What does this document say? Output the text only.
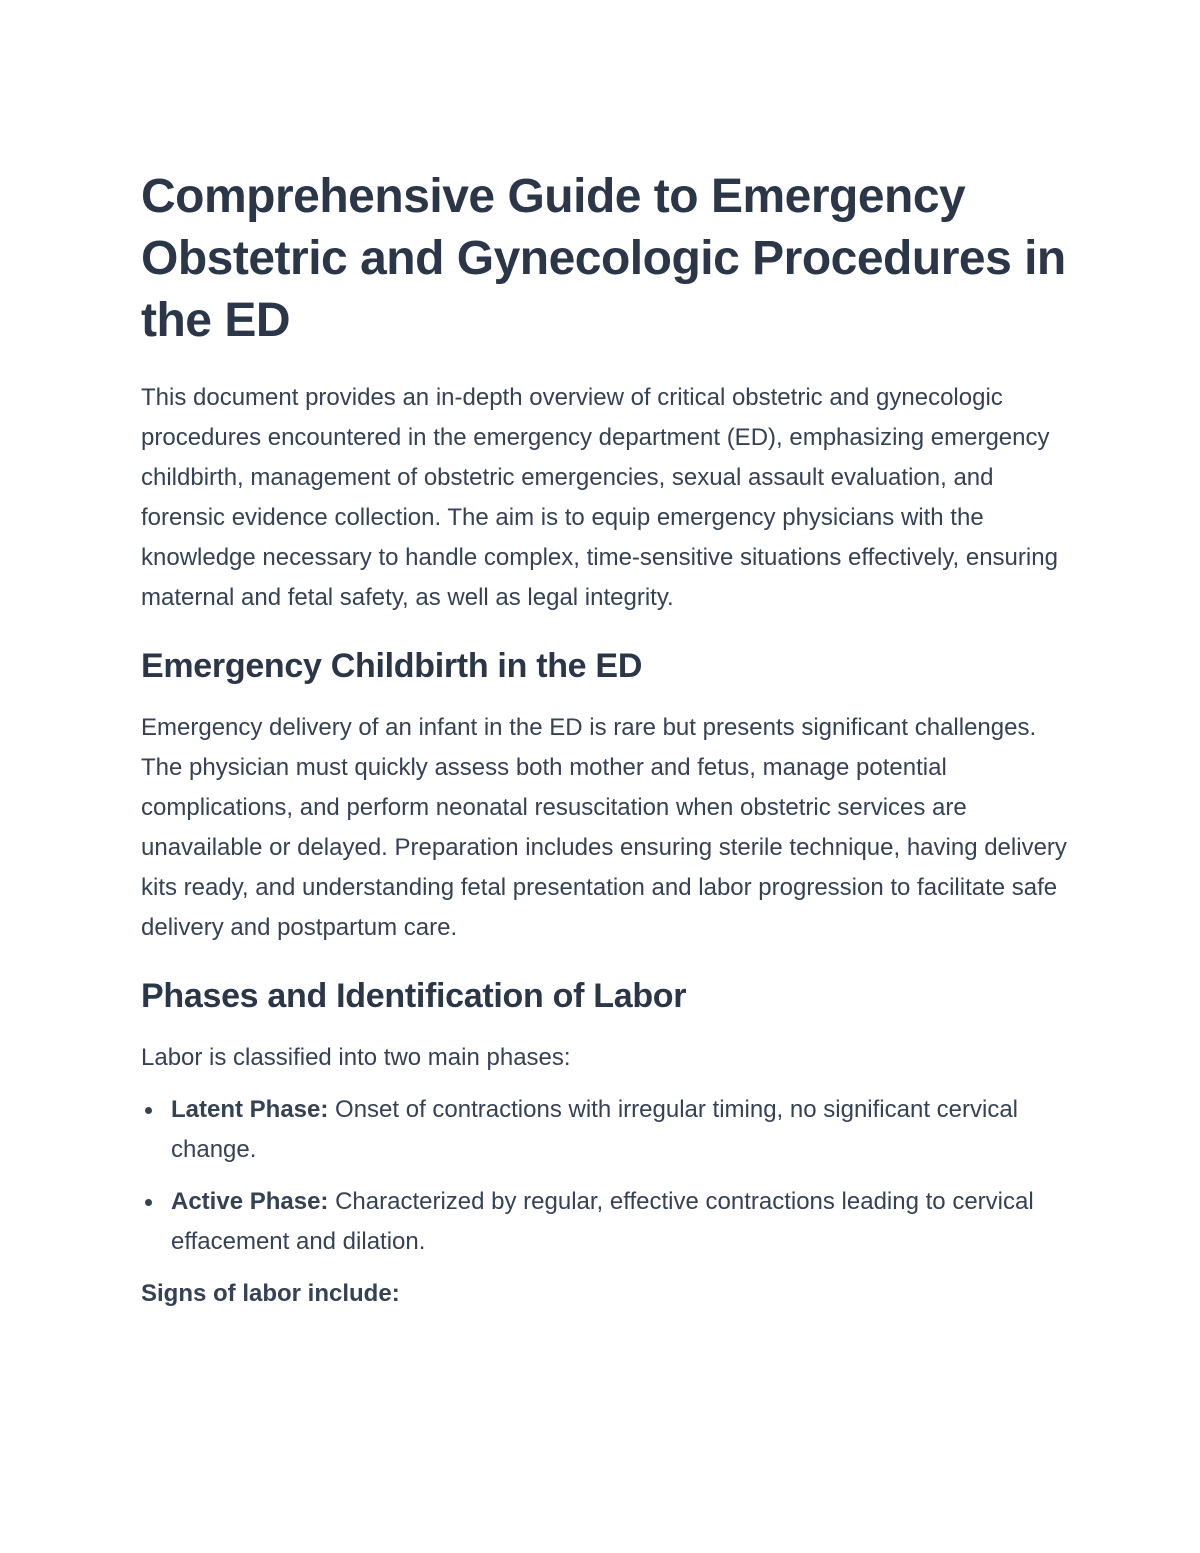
Comprehensive Guide to Emergency Obstetric and Gynecologic Procedures in the ED

This document provides an in-depth overview of critical obstetric and gynecologic procedures encountered in the emergency department (ED), emphasizing emergency childbirth, management of obstetric emergencies, sexual assault evaluation, and forensic evidence collection. The aim is to equip emergency physicians with the knowledge necessary to handle complex, time-sensitive situations effectively, ensuring maternal and fetal safety, as well as legal integrity.

Emergency Childbirth in the ED

Emergency delivery of an infant in the ED is rare but presents significant challenges. The physician must quickly assess both mother and fetus, manage potential complications, and perform neonatal resuscitation when obstetric services are unavailable or delayed. Preparation includes ensuring sterile technique, having delivery kits ready, and understanding fetal presentation and labor progression to facilitate safe delivery and postpartum care.

Phases and Identification of Labor

Labor is classified into two main phases:

Latent Phase: Onset of contractions with irregular timing, no significant cervical change.
Active Phase: Characterized by regular, effective contractions leading to cervical effacement and dilation.

Signs of labor include:
